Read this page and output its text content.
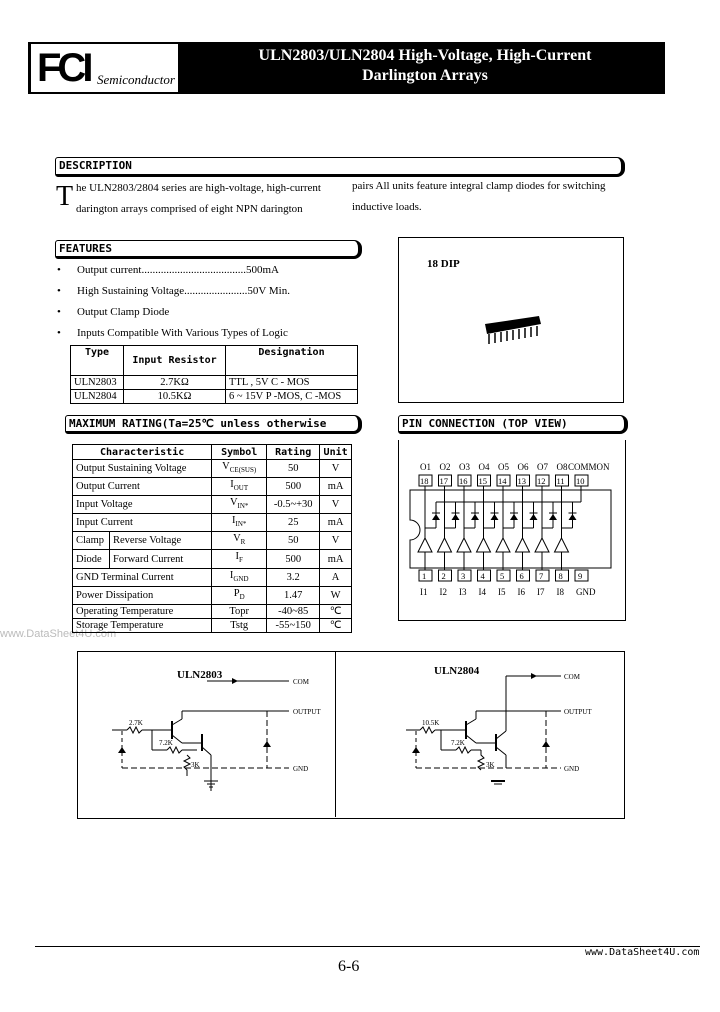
FCI Semiconductor
ULN2803/ULN2804 High-Voltage, High-Current
Darlington Arrays
www.DataSheet4U.com
DESCRIPTION
T he ULN2803/2804 series are high-voltage, high-current
darington arrays comprised of eight NPN darington
pairs All units feature integral clamp diodes for switching
inductive loads.
FEATURES
• Output current......................................500mA
• High Sustaining Voltage.......................50V Min.
• Output Clamp Diode
• Inputs Compatible With Various Types of Logic
Type	Input Resistor	Designation
ULN2803	2.7KΩ	TTL , 5V C - MOS
ULN2804	10.5KΩ	6 ~ 15V P -MOS, C -MOS
18 DIP
MAXIMUM RATING(Ta=25℃ unless otherwise
Characteristic		Symbol	Rating	Unit
Output Sustaining Voltage		$V_{CE(SUS)}$	50	V
Output Current		$I_{OUT}$	500	mA
Input Voltage		$V_{IN*}$	-0.5~+30	V
Input Current		$I_{IN*}$	25	mA
Clamp	Reverse Voltage	$V_R$	50	V
Diode	Forward Current	$I_F$	500	mA
GND Terminal Current		$I_{GND}$	3.2	A
Power Dissipation		$P_D$	1.47	W
Operating Temperature		Topr	-40~85	℃
Storage Temperature		Tstg	-55~150	℃
PIN CONNECTION (TOP VIEW)
O1
18
1
I1
O2
17
2
I2
O3
16
3
I3
O4
15
4
I4
O5
14
5
I5
O6
13
6
I6
O7
12
7
I7
O8
11
8
I8
COMMON
10
9
GND
ULN2803
2.7K
7.2K
3K
COM
OUTPUT
GND
ULN2804
10.5K
7.2K
3K
COM
OUTPUT
GND
6-6
www.DataSheet4U.com
